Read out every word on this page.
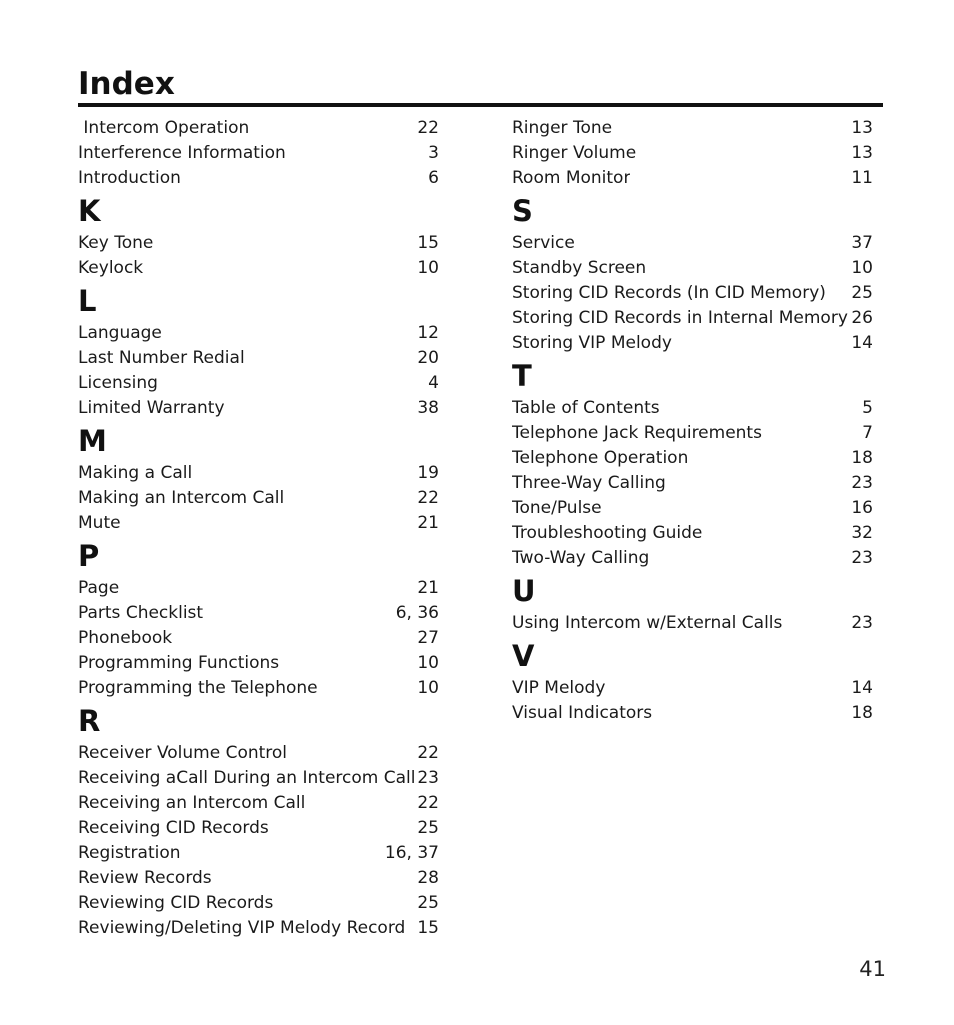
Index
Intercom Operation	22
Interference Information	3
Introduction	6
K
Key Tone	15
Keylock	10
L
Language	12
Last Number Redial	20
Licensing	4
Limited Warranty	38
M
Making a Call	19
Making an Intercom Call	22
Mute	21
P
Page	21
Parts Checklist	6, 36
Phonebook	27
Programming Functions	10
Programming the Telephone	10
R
Receiver Volume Control	22
Receiving aCall During an Intercom Call 23
Receiving an Intercom Call	22
Receiving CID Records	25
Registration	16, 37
Review Records	28
Reviewing CID Records	25
Reviewing/Deleting VIP Melody Record 15
Ringer Tone	13
Ringer Volume	13
Room Monitor	11
S
Service	37
Standby Screen	10
Storing CID Records (In CID Memory) 25
Storing CID Records in Internal Memory 26
Storing VIP Melody	14
T
Table of Contents	5
Telephone Jack Requirements	7
Telephone Operation	18
Three-Way Calling	23
Tone/Pulse	16
Troubleshooting Guide	32
Two-Way Calling	23
U
Using Intercom w/External Calls	23
V
VIP Melody	14
Visual Indicators	18
41
